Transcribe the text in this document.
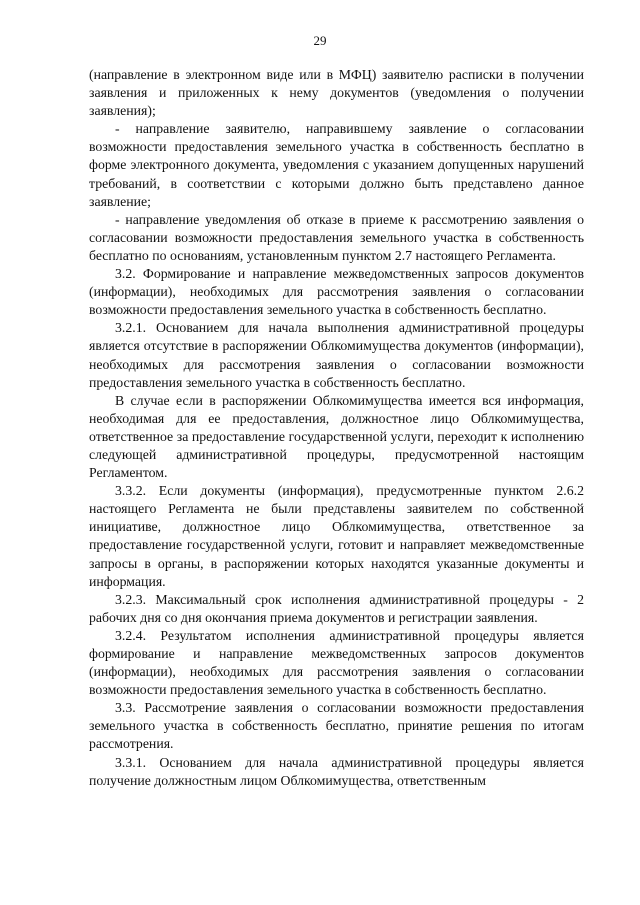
29

(направление в электронном виде или в МФЦ) заявителю расписки в получении заявления и приложенных к нему документов (уведомления о получении заявления);

- направление заявителю, направившему заявление о согласовании возможности предоставления земельного участка в собственность бесплатно в форме электронного документа, уведомления с указанием допущенных нарушений требований, в соответствии с которыми должно быть представлено данное заявление;

- направление уведомления об отказе в приеме к рассмотрению заявления о согласовании возможности предоставления земельного участка в собственность бесплатно по основаниям, установленным пунктом 2.7 настоящего Регламента.

3.2. Формирование и направление межведомственных запросов документов (информации), необходимых для рассмотрения заявления о согласовании возможности предоставления земельного участка в собственность бесплатно.

3.2.1. Основанием для начала выполнения административной процедуры является отсутствие в распоряжении Облкомимущества документов (информации), необходимых для рассмотрения заявления о согласовании возможности предоставления земельного участка в собственность бесплатно.

В случае если в распоряжении Облкомимущества имеется вся информация, необходимая для ее предоставления, должностное лицо Облкомимущества, ответственное за предоставление государственной услуги, переходит к исполнению следующей административной процедуры, предусмотренной настоящим Регламентом.

3.3.2. Если документы (информация), предусмотренные пунктом 2.6.2 настоящего Регламента не были представлены заявителем по собственной инициативе, должностное лицо Облкомимущества, ответственное за предоставление государственной услуги, готовит и направляет межведомственные запросы в органы, в распоряжении которых находятся указанные документы и информация.

3.2.3. Максимальный срок исполнения административной процедуры - 2 рабочих дня со дня окончания приема документов и регистрации заявления.

3.2.4. Результатом исполнения административной процедуры является формирование и направление межведомственных запросов документов (информации), необходимых для рассмотрения заявления о согласовании возможности предоставления земельного участка в собственность бесплатно.

3.3. Рассмотрение заявления о согласовании возможности предоставления земельного участка в собственность бесплатно, принятие решения по итогам рассмотрения.

3.3.1. Основанием для начала административной процедуры является получение должностным лицом Облкомимущества, ответственным
